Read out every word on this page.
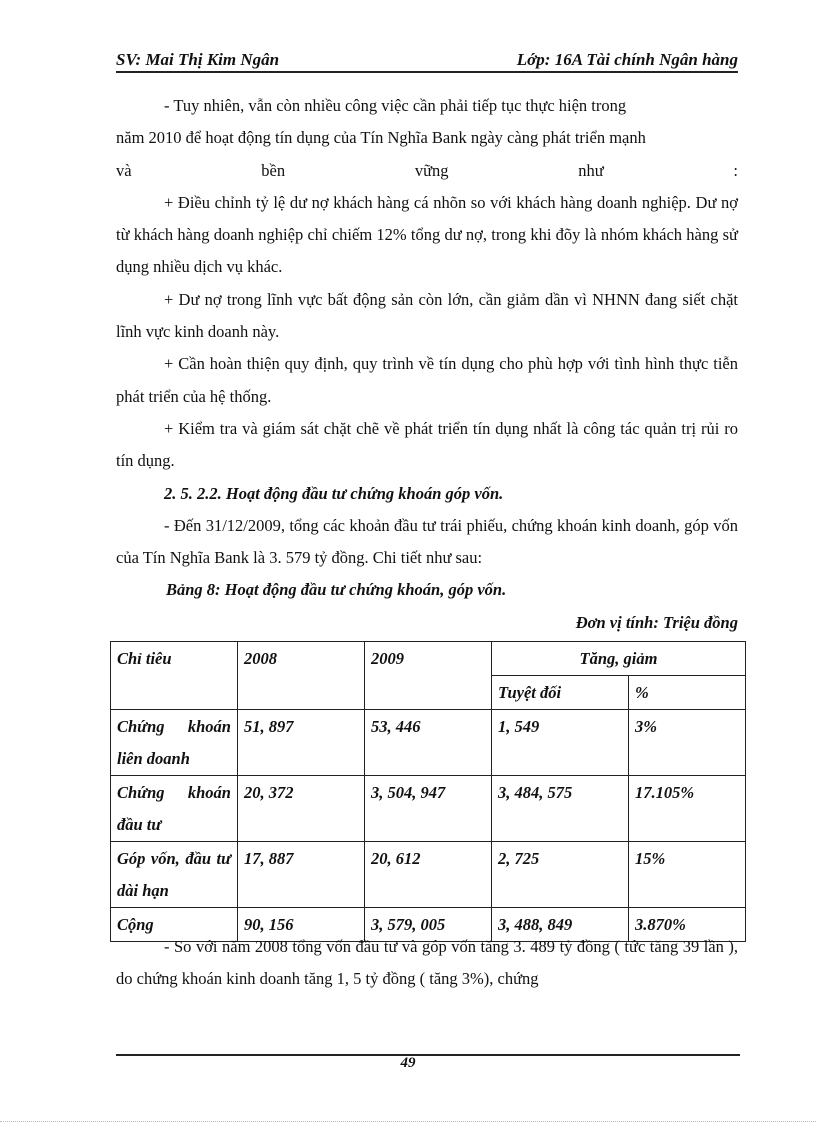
SV: Mai Thị Kim Ngân	Lớp: 16A Tài chính Ngân hàng

- Tuy nhiên, vẫn còn nhiều công việc cần phải tiếp tục thực hiện trong

năm 2010 để hoạt động tín dụng của Tín Nghĩa Bank ngày càng phát triển mạnh

và bền vững như :

+ Điều chỉnh tỷ lệ dư nợ khách hàng cá nhõn so với khách hàng doanh nghiệp. Dư nợ từ khách hàng doanh nghiệp chỉ chiếm 12% tổng dư nợ, trong khi đõy là nhóm khách hàng sử dụng nhiều dịch vụ khác.

+ Dư nợ trong lĩnh vực bất động sản còn lớn, cần giảm dần vì NHNN đang siết chặt lĩnh vực kinh doanh này.

+ Cần hoàn thiện quy định, quy trình về tín dụng cho phù hợp với tình hình thực tiễn phát triển của hệ thống.

+ Kiểm tra và giám sát chặt chẽ về phát triển tín dụng nhất là công tác quản trị rủi ro tín dụng.

2. 5. 2.2. Hoạt động đầu tư chứng khoán góp vốn.

- Đến 31/12/2009, tổng các khoản đầu tư trái phiếu, chứng khoán kinh doanh, góp vốn của Tín Nghĩa Bank là 3. 579 tỷ đồng. Chi tiết như sau:

Bảng 8: Hoạt động đầu tư chứng khoán, góp vốn.

Đơn vị tính: Triệu đồng

Chỉ tiêu	2008	2009	Tăng, giảm	
			Tuyệt đối	%
Chứng khoán liên doanh	51, 897	53, 446	1, 549	3%
Chứng khoán đầu tư	20, 372	3, 504, 947	3, 484, 575	17.105%
Góp vốn, đầu tư dài hạn	17, 887	20, 612	2, 725	15%
Cộng	90, 156	3, 579, 005	3, 488, 849	3.870%

- So với năm 2008 tổng vốn đầu tư và góp vốn tăng 3. 489 tỷ đồng ( tức tăng 39 lần ), do chứng khoán kinh doanh tăng 1, 5 tỷ đồng ( tăng 3%), chứng

49
